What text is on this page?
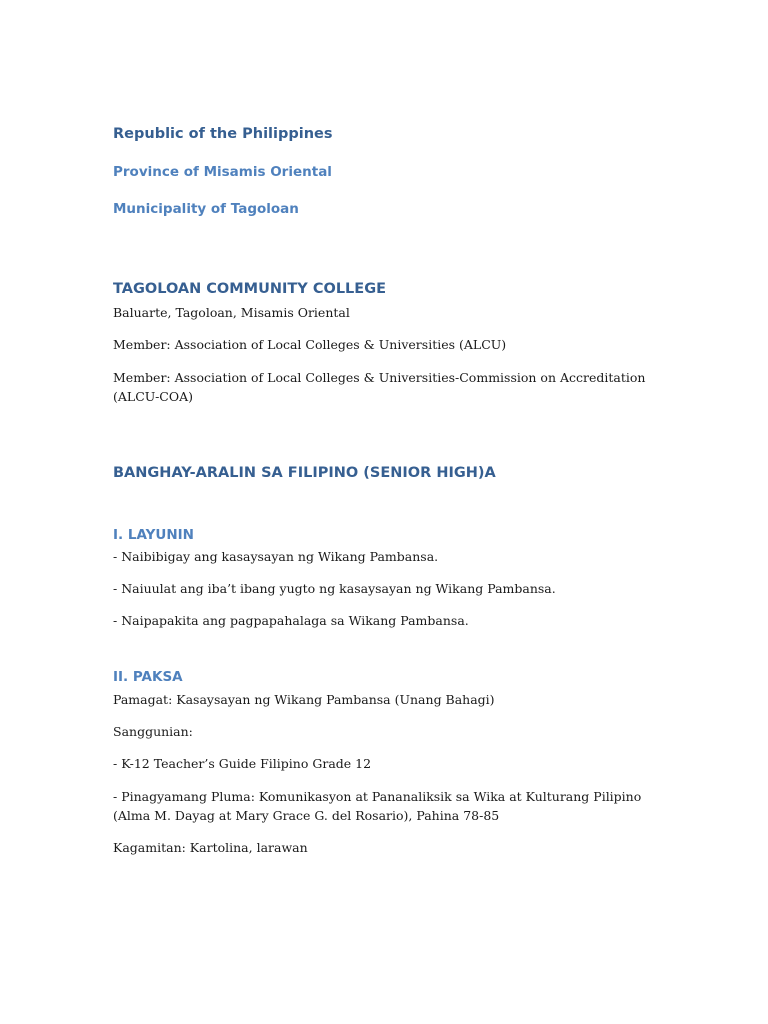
Republic of the Philippines

Province of Misamis Oriental

Municipality of Tagoloan

TAGOLOAN COMMUNITY COLLEGE

Baluarte, Tagoloan, Misamis Oriental

Member: Association of Local Colleges & Universities (ALCU)

Member: Association of Local Colleges & Universities-Commission on Accreditation (ALCU-COA)

BANGHAY-ARALIN SA FILIPINO (SENIOR HIGH)A

I. LAYUNIN

- Naibibigay ang kasaysayan ng Wikang Pambansa.

- Naiuulat ang iba’t ibang yugto ng kasaysayan ng Wikang Pambansa.

- Naipapakita ang pagpapahalaga sa Wikang Pambansa.

II. PAKSA

Pamagat: Kasaysayan ng Wikang Pambansa (Unang Bahagi)

Sanggunian:

- K-12 Teacher’s Guide Filipino Grade 12

- Pinagyamang Pluma: Komunikasyon at Pananaliksik sa Wika at Kulturang Pilipino (Alma M. Dayag at Mary Grace G. del Rosario), Pahina 78-85

Kagamitan: Kartolina, larawan
